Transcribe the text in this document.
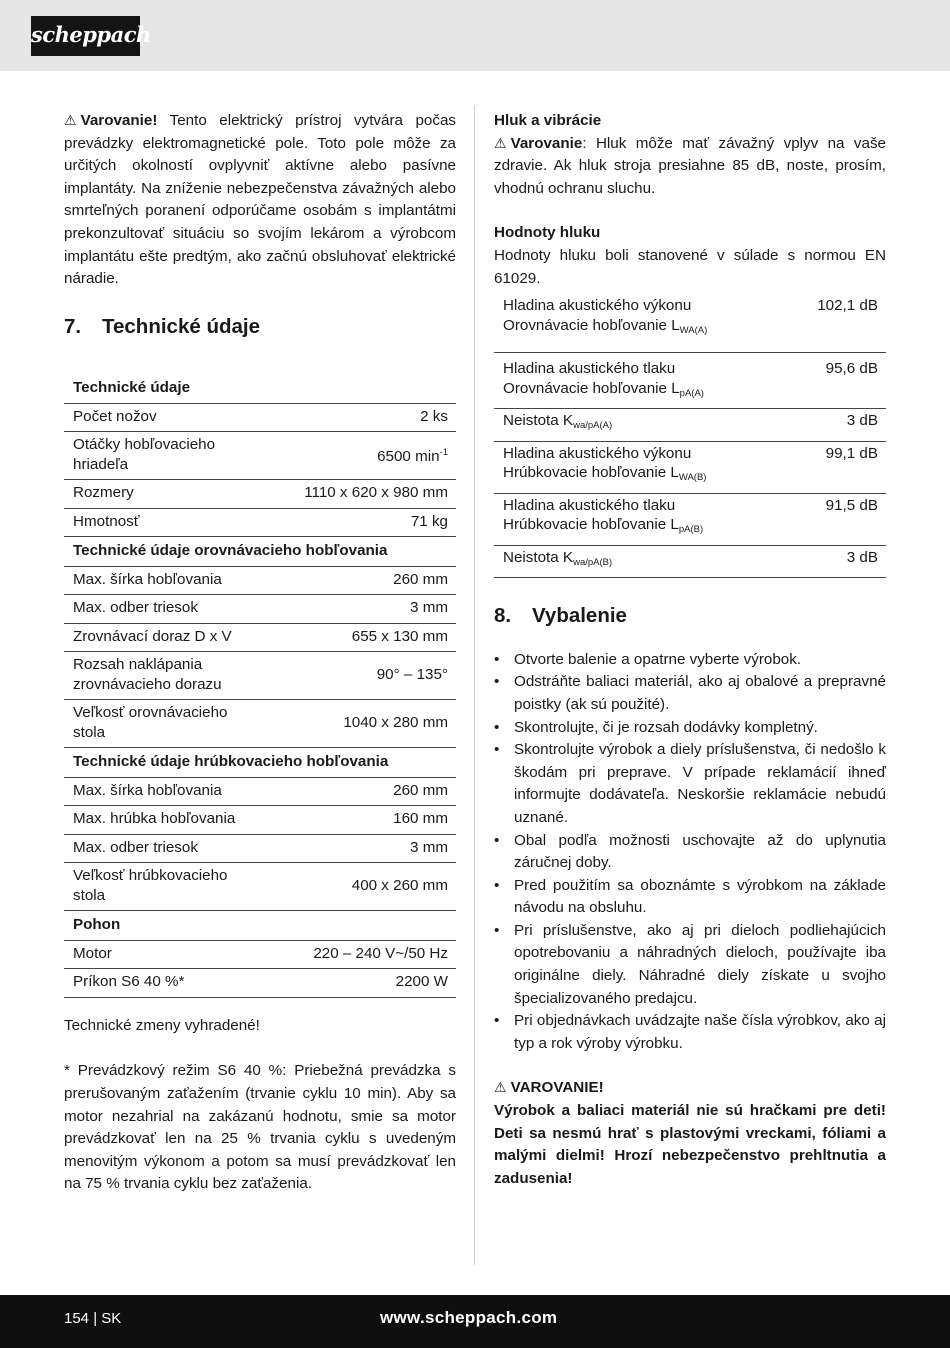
scheppach

⚠ Varovanie! Tento elektrický prístroj vytvára počas prevádzky elektromagnetické pole. Toto pole môže za určitých okolností ovplyvniť aktívne alebo pasívne implantáty. Na zníženie nebezpečenstva závažných alebo smrteľných poranení odporúčame osobám s implantátmi prekonzultovať situáciu so svojím lekárom a výrobcom implantátu ešte predtým, ako začnú obsluhovať elektrické náradie.

7. Technické údaje
Technické údaje	
Počet nožov	2 ks
Otáčky hobľovacieho hriadeľa	6500 $\min^{-1}$
Rozmery	1110 x 620 x 980 mm
Hmotnosť	71 kg
Technické údaje orovnávacieho hobľovania	
Max. šírka hobľovania	260 mm
Max. odber triesok	3 mm
Zrovnávací doraz D x V	655 x 130 mm
Rozsah naklápania zrovnávacieho dorazu	90° – 135°
Veľkosť orovnávacieho stola	1040 x 280 mm
Technické údaje hrúbkovacieho hobľovania	
Max. šírka hobľovania	260 mm
Max. hrúbka hobľovania	160 mm
Max. odber triesok	3 mm
Veľkosť hrúbkovacieho stola	400 x 260 mm
Pohon	
Motor	220 – 240 V~/50 Hz
Príkon S6 40 %*	2200 W

Technické zmeny vyhradené!

* Prevádzkový režim S6 40 %: Priebežná prevádzka s prerušovaným zaťažením (trvanie cyklu 10 min). Aby sa motor nezahrial na zakázanú hodnotu, smie sa motor prevádzkovať len na 25 % trvania cyklu s uvedeným menovitým výkonom a potom sa musí prevádzkovať len na 75 % trvania cyklu bez zaťaženia.

Hluk a vibrácie

⚠ Varovanie: Hluk môže mať závažný vplyv na vaše zdravie. Ak hluk stroja presiahne 85 dB, noste, prosím, vhodnú ochranu sluchu.

Hodnoty hluku

Hodnoty hluku boli stanovené v súlade s normou EN 61029.

Hladina akustického výkonu
Orovnávacie hobľovanie $L_{WA(A)}$	102,1 dB

Hladina akustického tlaku
Orovnávacie hobľovanie $L_{pA(A)}$	95,6 dB

Neistota $K_{wa/pA(A)}$	3 dB

Hladina akustického výkonu
Hrúbkovacie hobľovanie $L_{WA(B)}$	99,1 dB

Hladina akustického tlaku
Hrúbkovacie hobľovanie $L_{pA(B)}$	91,5 dB

Neistota $K_{wa/pA(B)}$	3 dB
8. Vybalenie
• Otvorte balenie a opatrne vyberte výrobok.
• Odstráňte baliaci materiál, ako aj obalové a prepravné poistky (ak sú použité).
• Skontrolujte, či je rozsah dodávky kompletný.
• Skontrolujte výrobok a diely príslušenstva, či nedošlo k škodám pri preprave. V prípade reklamácií ihneď informujte dodávateľa. Neskoršie reklamácie nebudú uznané.
• Obal podľa možnosti uschovajte až do uplynutia záručnej doby.
• Pred použitím sa oboznámte s výrobkom na základe návodu na obsluhu.
• Pri príslušenstve, ako aj pri dieloch podliehajúcich opotrebovaniu a náhradných dieloch, používajte iba originálne diely. Náhradné diely získate u svojho špecializovaného predajcu.
• Pri objednávkach uvádzajte naše čísla výrobkov, ako aj typ a rok výroby výrobku.

⚠ VAROVANIE!

Výrobok a baliaci materiál nie sú hračkami pre deti! Deti sa nesmú hrať s plastovými vreckami, fóliami a malými dielmi! Hrozí nebezpečenstvo prehltnutia a zadusenia!

154 | SK	www.scheppach.com
